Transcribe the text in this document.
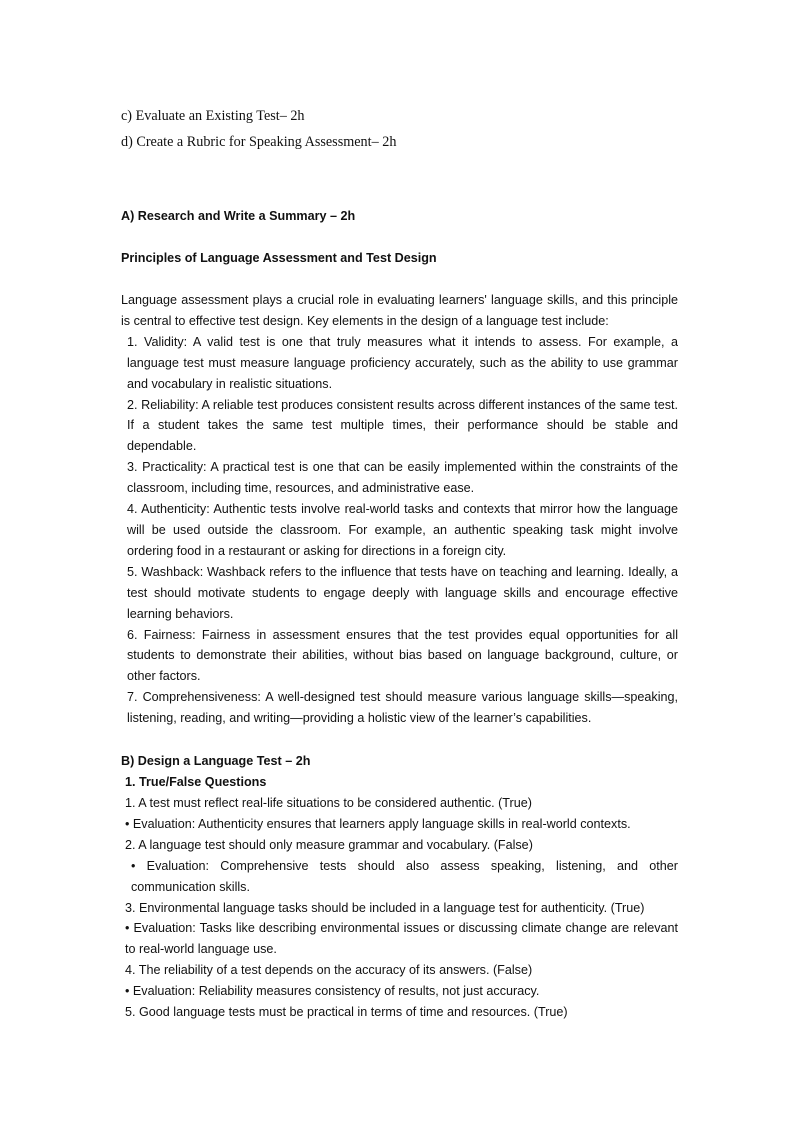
c) Evaluate an Existing Test– 2h
d) Create a Rubric for Speaking Assessment– 2h
A) Research and Write a Summary – 2h
Principles of Language Assessment and Test Design

Language assessment plays a crucial role in evaluating learners' language skills, and this principle is central to effective test design. Key elements in the design of a language test include:

1. Validity: A valid test is one that truly measures what it intends to assess. For example, a language test must measure language proficiency accurately, such as the ability to use grammar and vocabulary in realistic situations.

2. Reliability: A reliable test produces consistent results across different instances of the same test. If a student takes the same test multiple times, their performance should be stable and dependable.

3. Practicality: A practical test is one that can be easily implemented within the constraints of the classroom, including time, resources, and administrative ease.

4. Authenticity: Authentic tests involve real-world tasks and contexts that mirror how the language will be used outside the classroom. For example, an authentic speaking task might involve ordering food in a restaurant or asking for directions in a foreign city.

5. Washback: Washback refers to the influence that tests have on teaching and learning. Ideally, a test should motivate students to engage deeply with language skills and encourage effective learning behaviors.

6. Fairness: Fairness in assessment ensures that the test provides equal opportunities for all students to demonstrate their abilities, without bias based on language background, culture, or other factors.

7. Comprehensiveness: A well-designed test should measure various language skills—speaking, listening, reading, and writing—providing a holistic view of the learner’s capabilities.

B) Design a Language Test – 2h
1. True/False Questions

1. A test must reflect real-life situations to be considered authentic. (True)

• Evaluation: Authenticity ensures that learners apply language skills in real-world contexts.

2. A language test should only measure grammar and vocabulary. (False)

• Evaluation: Comprehensive tests should also assess speaking, listening, and other communication skills.

3. Environmental language tasks should be included in a language test for authenticity. (True)

• Evaluation: Tasks like describing environmental issues or discussing climate change are relevant to real-world language use.

4. The reliability of a test depends on the accuracy of its answers. (False)

• Evaluation: Reliability measures consistency of results, not just accuracy.

5. Good language tests must be practical in terms of time and resources. (True)
